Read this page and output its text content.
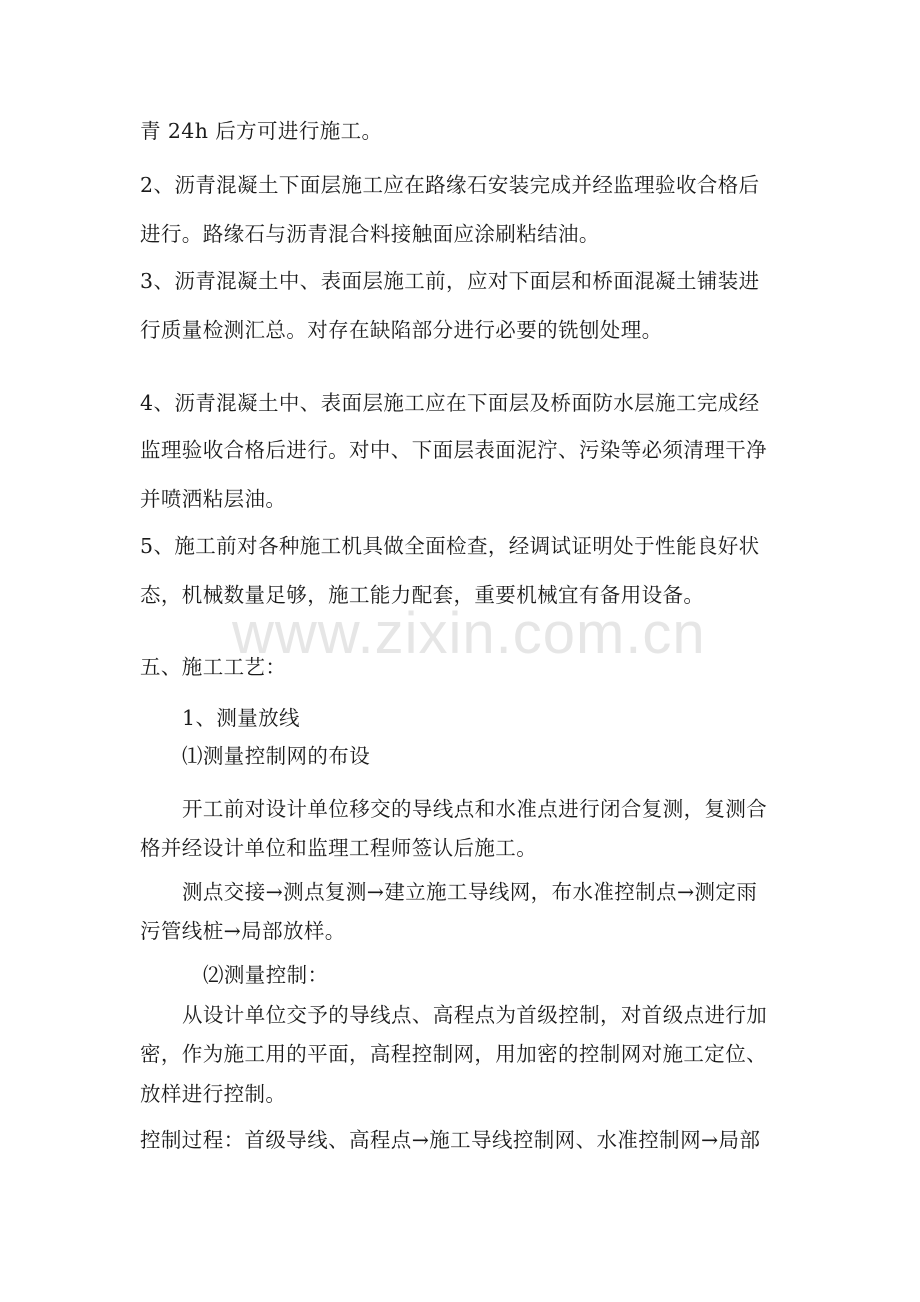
www.zixin.com.cn
青 24h 后方可进行施工。
2、沥青混凝土下面层施工应在路缘石安装完成并经监理验收合格后
进行。路缘石与沥青混合料接触面应涂刷粘结油。
3、沥青混凝土中、表面层施工前，应对下面层和桥面混凝土铺装进
行质量检测汇总。对存在缺陷部分进行必要的铣刨处理。
4、沥青混凝土中、表面层施工应在下面层及桥面防水层施工完成经
监理验收合格后进行。对中、下面层表面泥泞、污染等必须清理干净
并喷洒粘层油。
5、施工前对各种施工机具做全面检查，经调试证明处于性能良好状
态，机械数量足够，施工能力配套，重要机械宜有备用设备。
五、施工工艺：
1、测量放线
⑴测量控制网的布设
开工前对设计单位移交的导线点和水准点进行闭合复测，复测合
格并经设计单位和监理工程师签认后施工。
测点交接→测点复测→建立施工导线网，布水准控制点→测定雨
污管线桩→局部放样。
⑵测量控制：
从设计单位交予的导线点、高程点为首级控制，对首级点进行加
密，作为施工用的平面，高程控制网，用加密的控制网对施工定位、
放样进行控制。
控制过程：首级导线、高程点→施工导线控制网、水准控制网→局部
